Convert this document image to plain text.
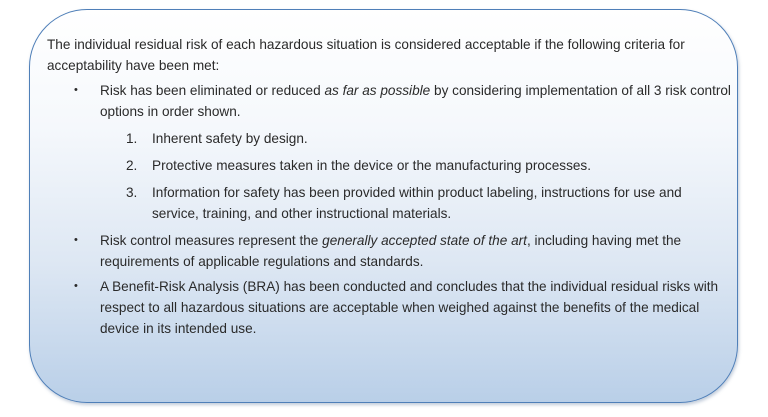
The individual residual risk of each hazardous situation is considered acceptable if the following criteria for acceptability have been met:

• Risk has been eliminated or reduced as far as possible by considering implementation of all 3 risk control options in order shown.
1. Inherent safety by design.
2. Protective measures taken in the device or the manufacturing processes.
3. Information for safety has been provided within product labeling, instructions for use and service, training, and other instructional materials.
• Risk control measures represent the generally accepted state of the art, including having met the requirements of applicable regulations and standards.
• A Benefit-Risk Analysis (BRA) has been conducted and concludes that the individual residual risks with respect to all hazardous situations are acceptable when weighed against the benefits of the medical device in its intended use.
